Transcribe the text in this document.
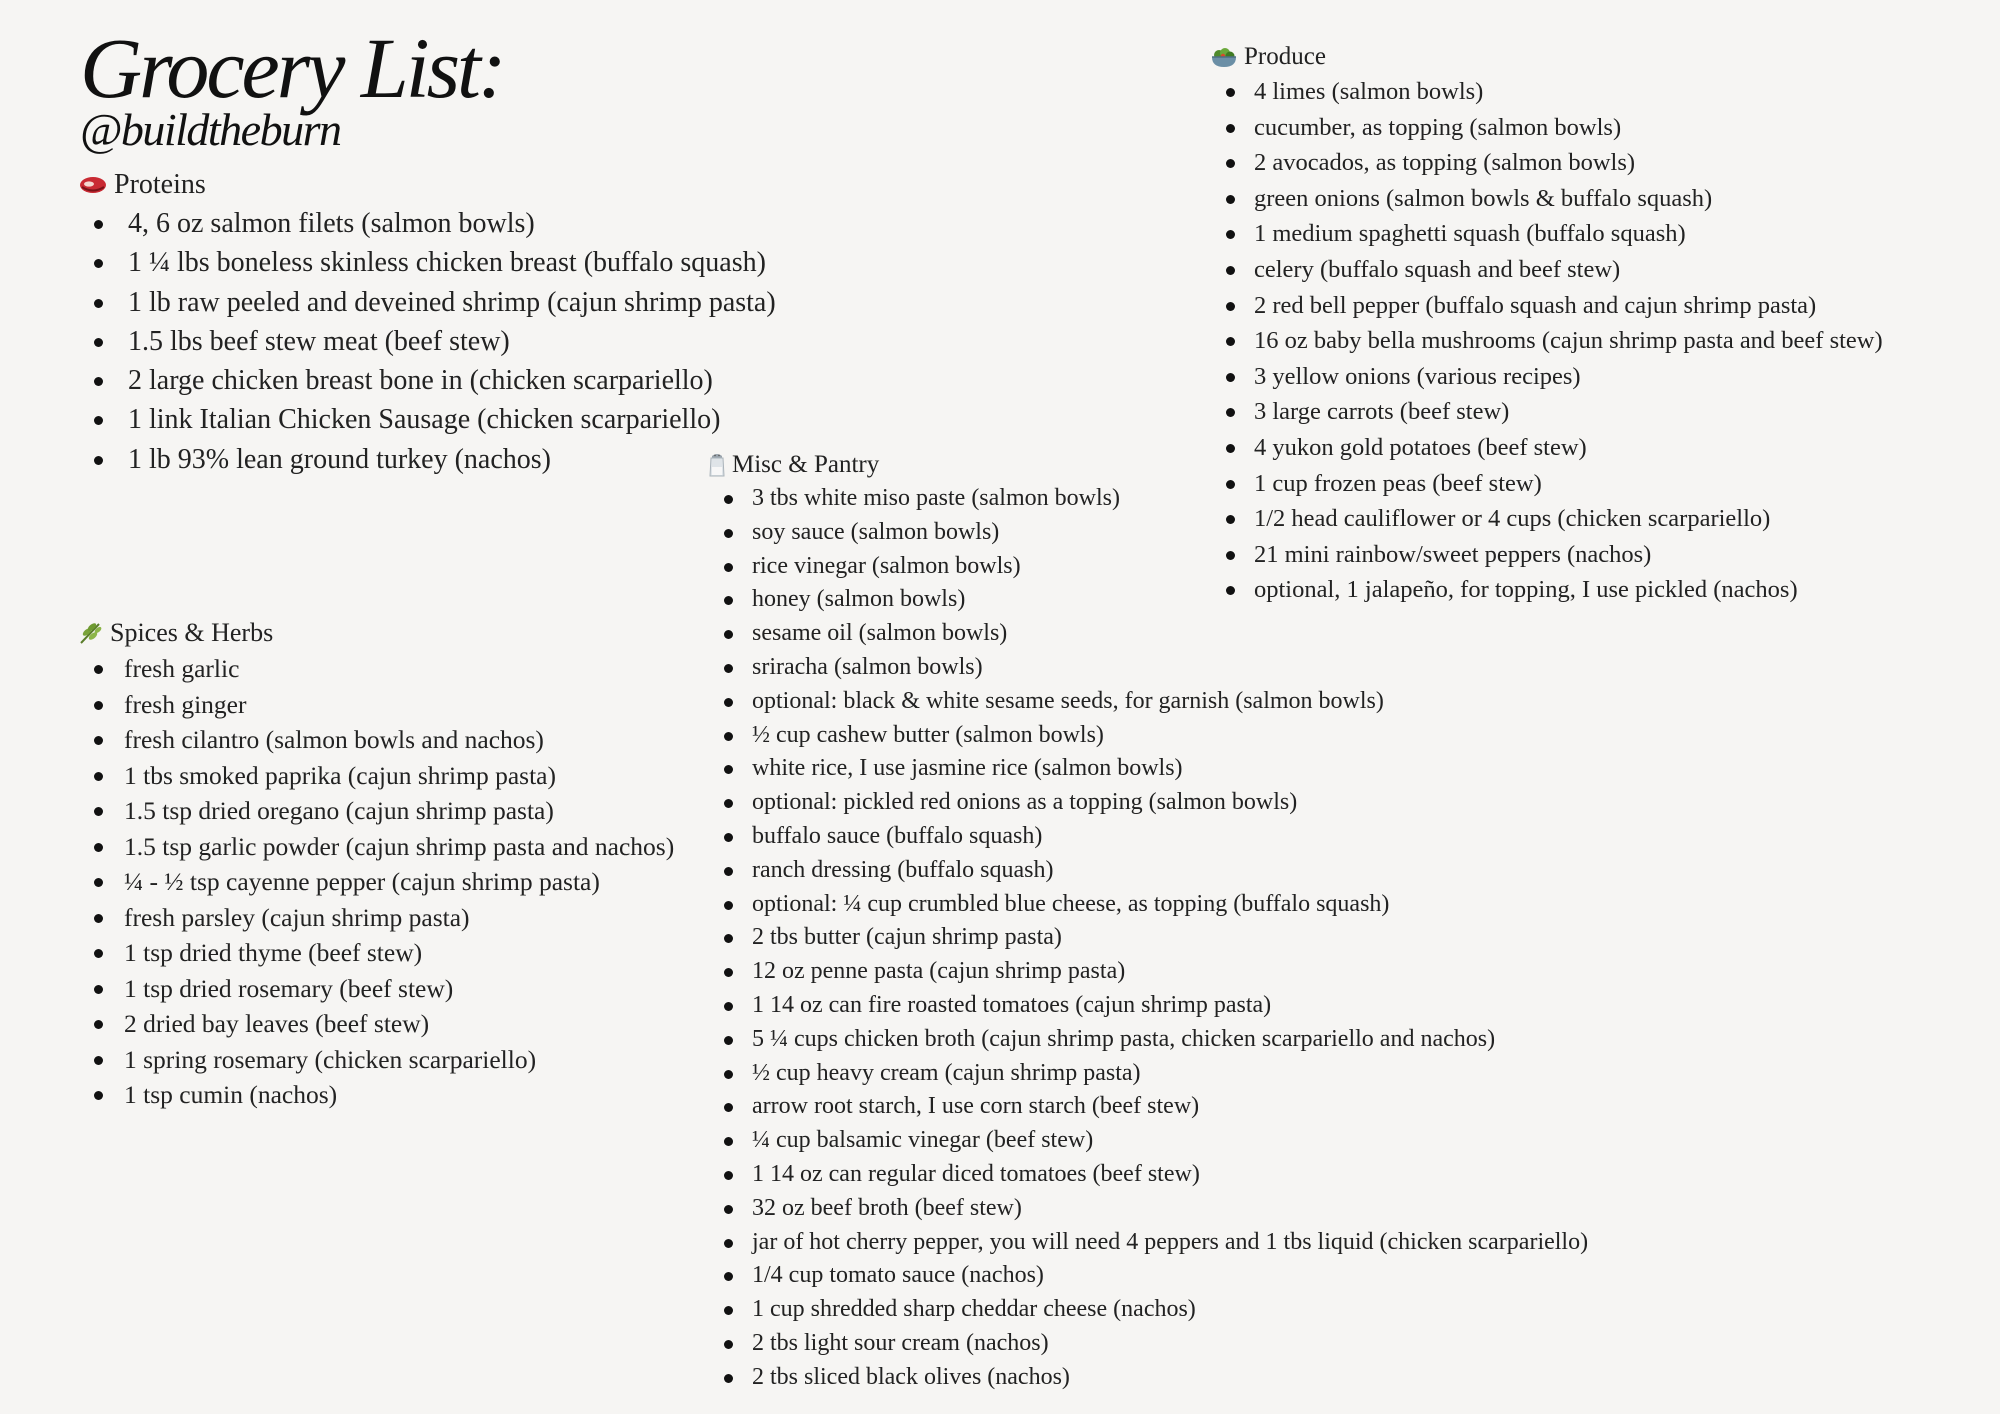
Grocery List:
@buildtheburn
Proteins
4, 6 oz salmon filets (salmon bowls)
1 ¼ lbs boneless skinless chicken breast (buffalo squash)
1 lb raw peeled and deveined shrimp (cajun shrimp pasta)
1.5 lbs beef stew meat (beef stew)
2 large chicken breast bone in (chicken scarpariello)
1 link Italian Chicken Sausage (chicken scarpariello)
1 lb 93% lean ground turkey (nachos)
Spices & Herbs
fresh garlic
fresh ginger
fresh cilantro (salmon bowls and nachos)
1 tbs smoked paprika (cajun shrimp pasta)
1.5 tsp dried oregano (cajun shrimp pasta)
1.5 tsp garlic powder (cajun shrimp pasta and nachos)
¼ - ½ tsp cayenne pepper (cajun shrimp pasta)
fresh parsley (cajun shrimp pasta)
1 tsp dried thyme (beef stew)
1 tsp dried rosemary (beef stew)
2 dried bay leaves (beef stew)
1 spring rosemary (chicken scarpariello)
1 tsp cumin (nachos)
Misc & Pantry
3 tbs white miso paste (salmon bowls)
soy sauce (salmon bowls)
rice vinegar (salmon bowls)
honey (salmon bowls)
sesame oil (salmon bowls)
sriracha (salmon bowls)
optional: black & white sesame seeds, for garnish (salmon bowls)
½ cup cashew butter (salmon bowls)
white rice, I use jasmine rice (salmon bowls)
optional: pickled red onions as a topping (salmon bowls)
buffalo sauce (buffalo squash)
ranch dressing (buffalo squash)
optional: ¼ cup crumbled blue cheese, as topping (buffalo squash)
2 tbs butter (cajun shrimp pasta)
12 oz penne pasta (cajun shrimp pasta)
1 14 oz can fire roasted tomatoes (cajun shrimp pasta)
5 ¼ cups chicken broth (cajun shrimp pasta, chicken scarpariello and nachos)
½ cup heavy cream (cajun shrimp pasta)
arrow root starch, I use corn starch (beef stew)
¼ cup balsamic vinegar (beef stew)
1 14 oz can regular diced tomatoes (beef stew)
32 oz beef broth (beef stew)
jar of hot cherry pepper, you will need 4 peppers and 1 tbs liquid (chicken scarpariello)
1/4 cup tomato sauce (nachos)
1 cup shredded sharp cheddar cheese (nachos)
2 tbs light sour cream (nachos)
2 tbs sliced black olives (nachos)
Produce
4 limes (salmon bowls)
cucumber, as topping (salmon bowls)
2 avocados, as topping (salmon bowls)
green onions (salmon bowls & buffalo squash)
1 medium spaghetti squash (buffalo squash)
celery (buffalo squash and beef stew)
2 red bell pepper (buffalo squash and cajun shrimp pasta)
16 oz baby bella mushrooms (cajun shrimp pasta and beef stew)
3 yellow onions (various recipes)
3 large carrots (beef stew)
4 yukon gold potatoes (beef stew)
1 cup frozen peas (beef stew)
1/2 head cauliflower or 4 cups (chicken scarpariello)
21 mini rainbow/sweet peppers (nachos)
optional, 1 jalapeño, for topping, I use pickled (nachos)
